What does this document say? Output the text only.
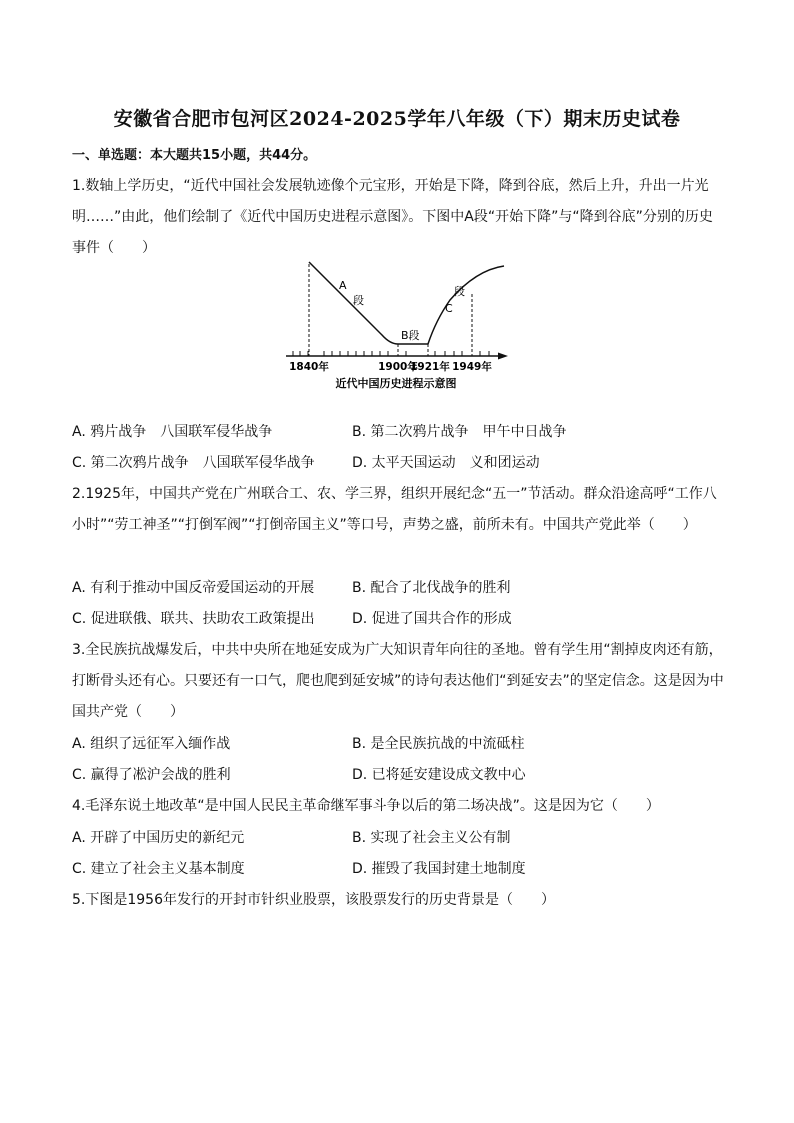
安徽省合肥市包河区2024-2025学年八年级（下）期末历史试卷
一、单选题：本大题共15小题，共44分。
1.数轴上学历史，“近代中国社会发展轨迹像个元宝形，开始是下降，降到谷底，然后上升，升出一片光明……”由此，他们绘制了《近代中国历史进程示意图》。下图中A段“开始下降”与“降到谷底”分别的历史事件（　　）
A
段
B段
C
段
1840年	1900年
1921年 1949年
近代中国历史进程示意图
A. 鸦片战争　八国联军侵华战争	B. 第二次鸦片战争　甲午中日战争
C. 第二次鸦片战争　八国联军侵华战争	D. 太平天国运动　义和团运动
2.1925年，中国共产党在广州联合工、农、学三界，组织开展纪念“五一”节活动。群众沿途高呼“工作八小时”“劳工神圣”“打倒军阀”“打倒帝国主义”等口号，声势之盛，前所未有。中国共产党此举（　　）
A. 有利于推动中国反帝爱国运动的开展	B. 配合了北伐战争的胜利
C. 促进联俄、联共、扶助农工政策提出	D. 促进了国共合作的形成
3.全民族抗战爆发后，中共中央所在地延安成为广大知识青年向往的圣地。曾有学生用“割掉皮肉还有筋，打断骨头还有心。只要还有一口气，爬也爬到延安城”的诗句表达他们“到延安去”的坚定信念。这是因为中国共产党（　　）
A. 组织了远征军入缅作战	B. 是全民族抗战的中流砥柱
C. 赢得了凇沪会战的胜利	D. 已将延安建设成文教中心
4.毛泽东说土地改革“是中国人民民主革命继军事斗争以后的第二场决战”。这是因为它（　　）
A. 开辟了中国历史的新纪元	B. 实现了社会主义公有制
C. 建立了社会主义基本制度	D. 摧毁了我国封建土地制度
5.下图是1956年发行的开封市针织业股票，该股票发行的历史背景是（　　）
